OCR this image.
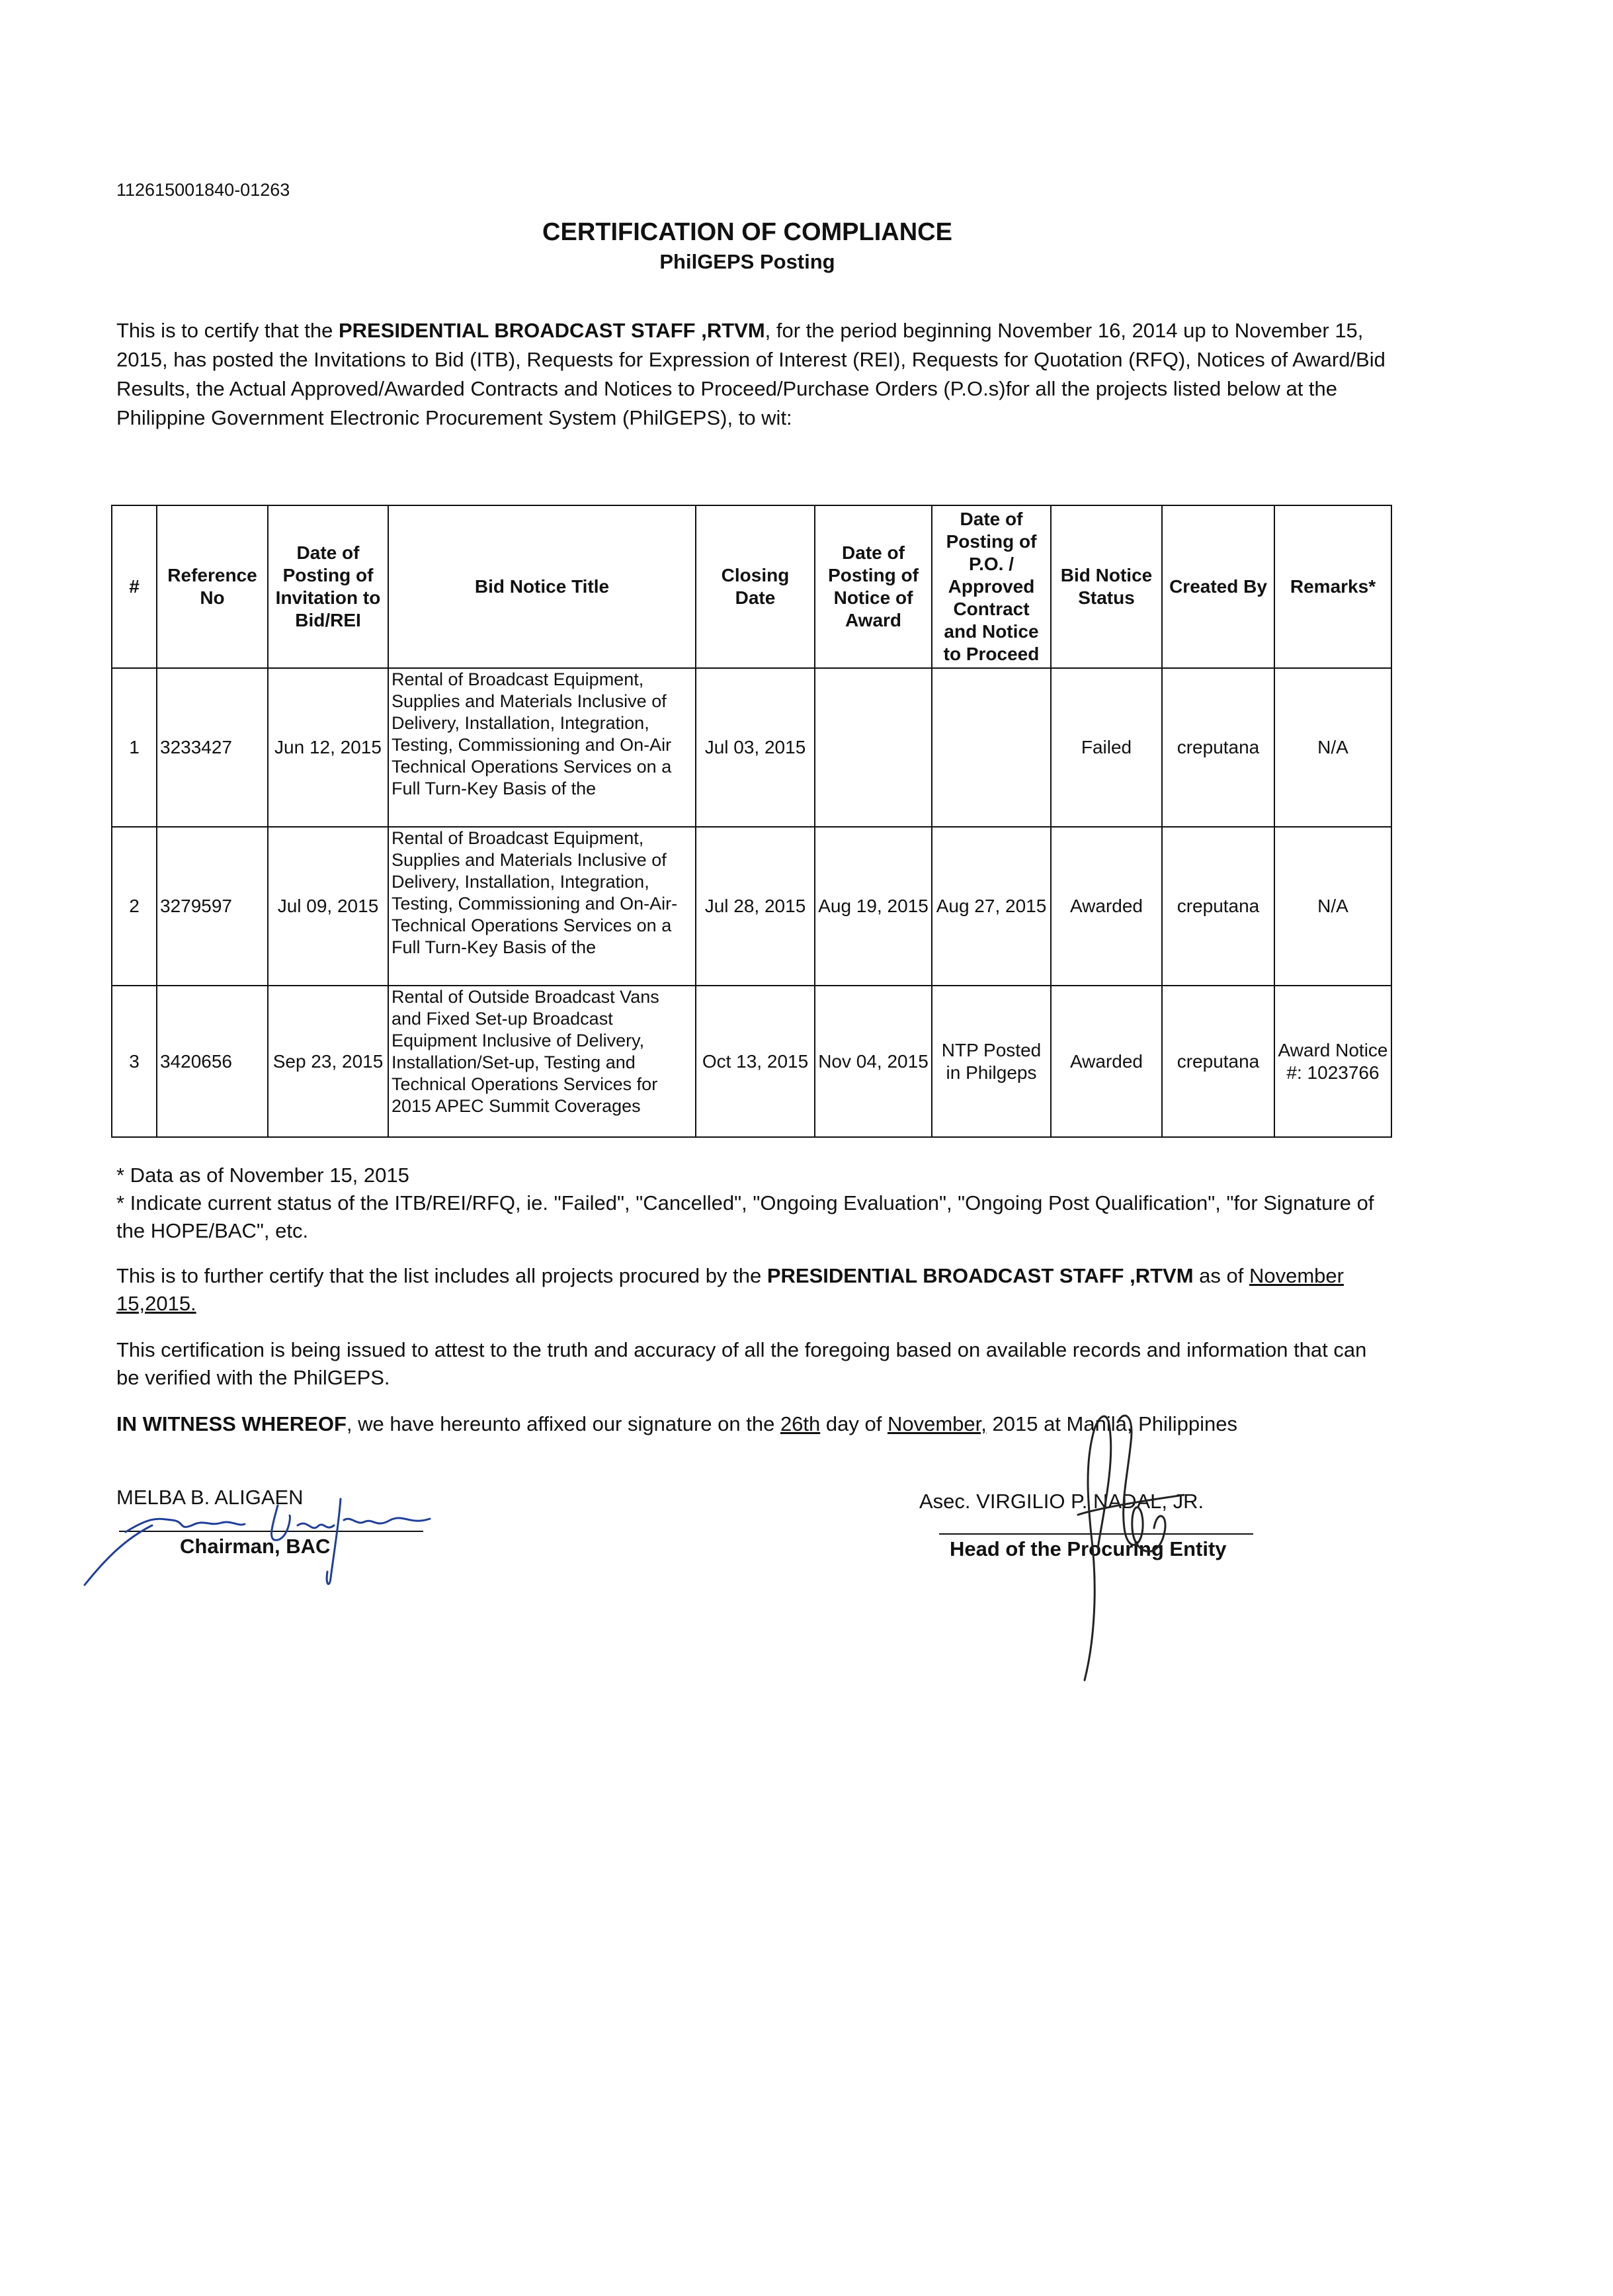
112615001840-01263
CERTIFICATION OF COMPLIANCE
PhilGEPS Posting
This is to certify that the PRESIDENTIAL BROADCAST STAFF ,RTVM, for the period beginning November 16, 2014 up to November 15, 2015, has posted the Invitations to Bid (ITB), Requests for Expression of Interest (REI), Requests for Quotation (RFQ), Notices of Award/Bid Results, the Actual Approved/Awarded Contracts and Notices to Proceed/Purchase Orders (P.O.s)for all the projects listed below at the Philippine Government Electronic Procurement System (PhilGEPS), to wit:
#	Reference No	Date of Posting of Invitation to Bid/REI	Bid Notice Title	Closing Date	Date of Posting of Notice of Award	Date of Posting of P.O. / Approved Contract and Notice to Proceed	Bid Notice Status	Created By	Remarks*
1	3233427	Jun 12, 2015	Rental of Broadcast Equipment, Supplies and Materials Inclusive of Delivery, Installation, Integration, Testing, Commissioning and On-Air Technical Operations Services on a Full Turn-Key Basis of the	Jul 03, 2015			Failed	creputana	N/A
2	3279597	Jul 09, 2015	Rental of Broadcast Equipment, Supplies and Materials Inclusive of Delivery, Installation, Integration, Testing, Commissioning and On-Air-Technical Operations Services on a Full Turn-Key Basis of the	Jul 28, 2015	Aug 19, 2015	Aug 27, 2015	Awarded	creputana	N/A
3	3420656	Sep 23, 2015	Rental of Outside Broadcast Vans and Fixed Set-up Broadcast Equipment Inclusive of Delivery, Installation/Set-up, Testing and Technical Operations Services for 2015 APEC Summit Coverages	Oct 13, 2015	Nov 04, 2015	NTP Posted in Philgeps	Awarded	creputana	Award Notice #: 1023766
* Data as of November 15, 2015
* Indicate current status of the ITB/REI/RFQ, ie. "Failed", "Cancelled", "Ongoing Evaluation", "Ongoing Post Qualification", "for Signature of the HOPE/BAC", etc.
This is to further certify that the list includes all projects procured by the PRESIDENTIAL BROADCAST STAFF ,RTVM as of November 15,2015.
This certification is being issued to attest to the truth and accuracy of all the foregoing based on available records and information that can be verified with the PhilGEPS.
IN WITNESS WHEREOF, we have hereunto affixed our signature on the 26th day of November, 2015 at Manila, Philippines
MELBA B. ALIGAEN
Chairman, BAC
Asec. VIRGILIO P. NADAL, JR.
Head of the Procuring Entity
